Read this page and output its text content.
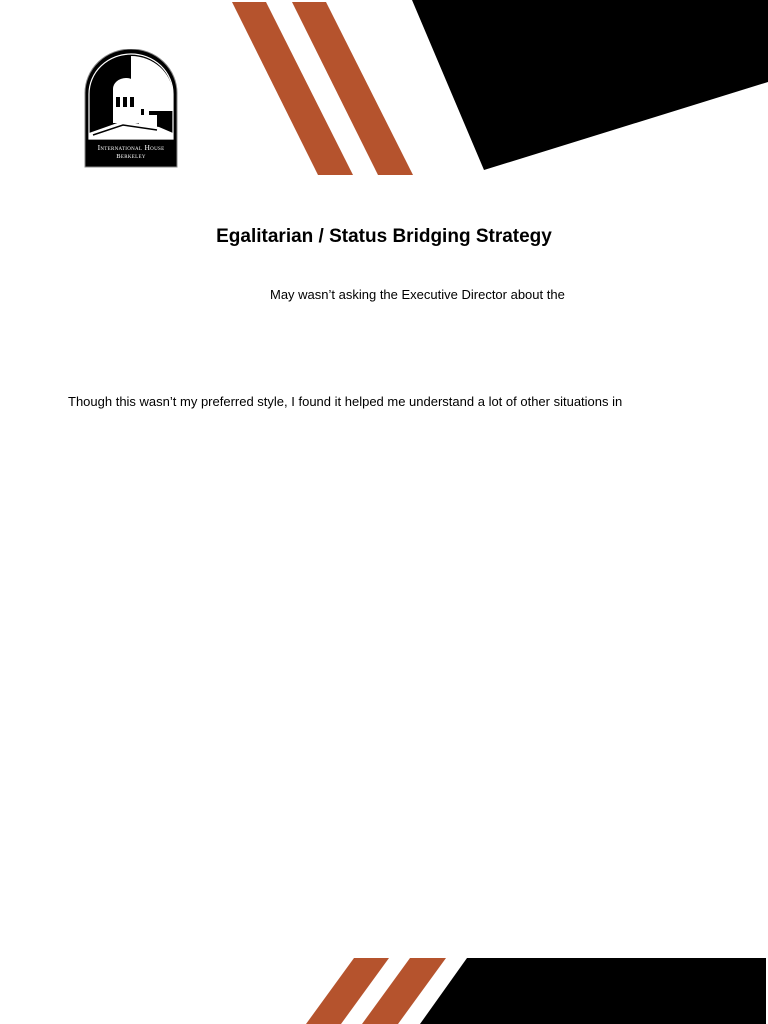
International House
Berkeley
Egalitarian / Status Bridging Strategy

May wasn’t asking the Executive Director about the

Though this wasn’t my preferred style, I found it helped me understand a lot of other situations in
